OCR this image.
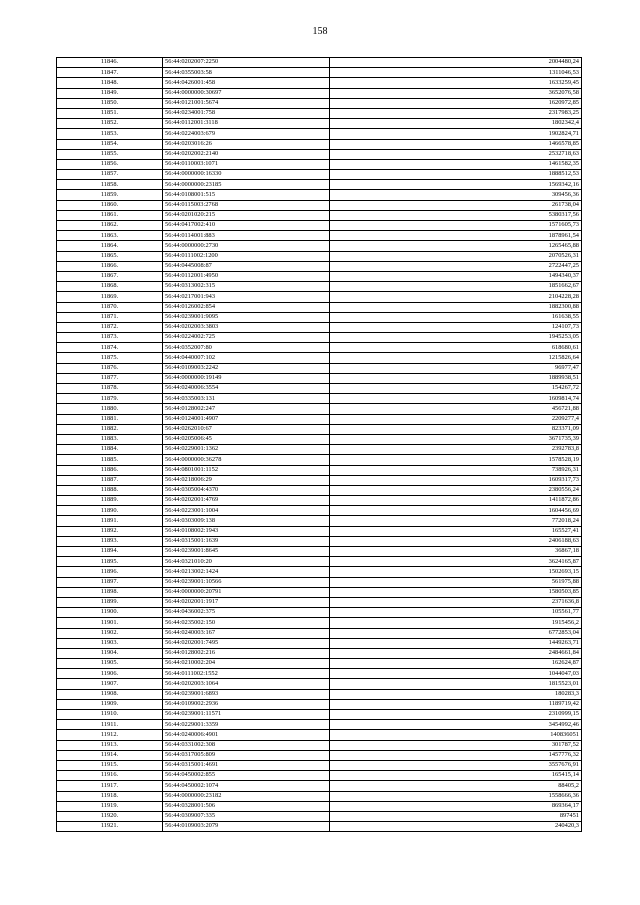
158
11846.	56:44:0202007:2250	2004480,24
11847.	56:44:0355003:58	1311046,53
11848.	56:44:0426001:458	1633259,45
11849.	56:44:0000000:30697	3652076,58
11850.	56:44:0121001:5674	1620972,85
11851.	56:44:0234001:758	2317983,25
11852.	56:44:0112001:3118	1802342,4
11853.	56:44:0224003:679	1902824,71
11854.	56:44:0203016:26	1466578,85
11855.	56:44:0202002:2140	2532718,63
11856.	56:44:0110003:1071	1461582,35
11857.	56:44:0000000:16330	1888512,53
11858.	56:44:0000000:23185	1569342,16
11859.	56:44:0108001:515	309456,36
11860.	56:44:0115003:2768	261738,04
11861.	56:44:0201020:215	5380317,56
11862.	56:44:0417002:410	1571605,73
11863.	56:44:0114001:883	1878961,54
11864.	56:44:0000000:2730	1265465,88
11865.	56:44:0111002:1200	2070526,31
11866.	56:44:0445008:87	2722447,25
11867.	56:44:0112001:4950	1494340,37
11868.	56:44:0313002:315	1851662,67
11869.	56:44:0217001:943	2104228,28
11870.	56:44:0126002:854	1882300,88
11871.	56:44:0239001:9095	161638,55
11872.	56:44:0202003:3803	124107,73
11873.	56:44:0224002:725	1945253,05
11874.	56:44:0352007:80	618680,61
11875.	56:44:0440007:102	1215826,64
11876.	56:44:0109003:2242	96977,47
11877.	56:44:0000000:19149	1889938,51
11878.	56:44:0240006:3554	154267,72
11879.	56:44:0335003:131	1609814,74
11880.	56:44:0128002:247	456721,88
11881.	56:44:0124001:4907	2209277,4
11882.	56:44:0262010:67	823371,09
11883.	56:44:0205006:45	3671735,39
11884.	56:44:0229001:1362	2392783,8
11885.	56:44:0000000:36278	1578528,19
11886.	56:44:0801001:1152	738926,31
11887.	56:44:0218006:29	1609317,73
11888.	56:44:0305004:4370	2380556,24
11889.	56:44:0202001:4769	1411872,86
11890.	56:44:0223001:1004	1604456,69
11891.	56:44:0303009:138	772018,24
11892.	56:44:0108002:1943	165527,41
11893.	56:44:0315001:1639	2406188,63
11894.	56:44:0239001:8645	36867,18
11895.	56:44:0321010:20	3624165,87
11896.	56:44:0213002:1424	1502693,15
11897.	56:44:0239001:10566	561975,88
11898.	56:44:0000000:20791	1580503,85
11899.	56:44:0202001:1917	2371636,8
11900.	56:44:0436002:375	105561,77
11901.	56:44:0235002:150	1915456,2
11902.	56:44:0240003:167	6772853,04
11903.	56:44:0202001:7495	1449263,71
11904.	56:44:0128002:216	2484661,84
11905.	56:44:0210002:204	162624,87
11906.	56:44:0111002:1552	1044047,03
11907.	56:44:0202003:1064	1815523,01
11908.	56:44:0239001:6893	180283,3
11909.	56:44:0109002:2936	1189719,42
11910.	56:44:0239001:11571	2310999,15
11911.	56:44:0229001:3359	3454992,46
11912.	56:44:0240006:4901	140836051
11913.	56:44:0331002:308	301787,52
11914.	56:44:0317005:809	1457776,32
11915.	56:44:0315001:4691	3557676,91
11916.	56:44:0450002:855	165415,14
11917.	56:44:0450002:1074	88405,2
11918.	56:44:0000000:23182	1558666,36
11919.	56:44:0328001:506	869364,17
11920.	56:44:0309007:335	897451
11921.	56:44:0109003:2079	240420,3
